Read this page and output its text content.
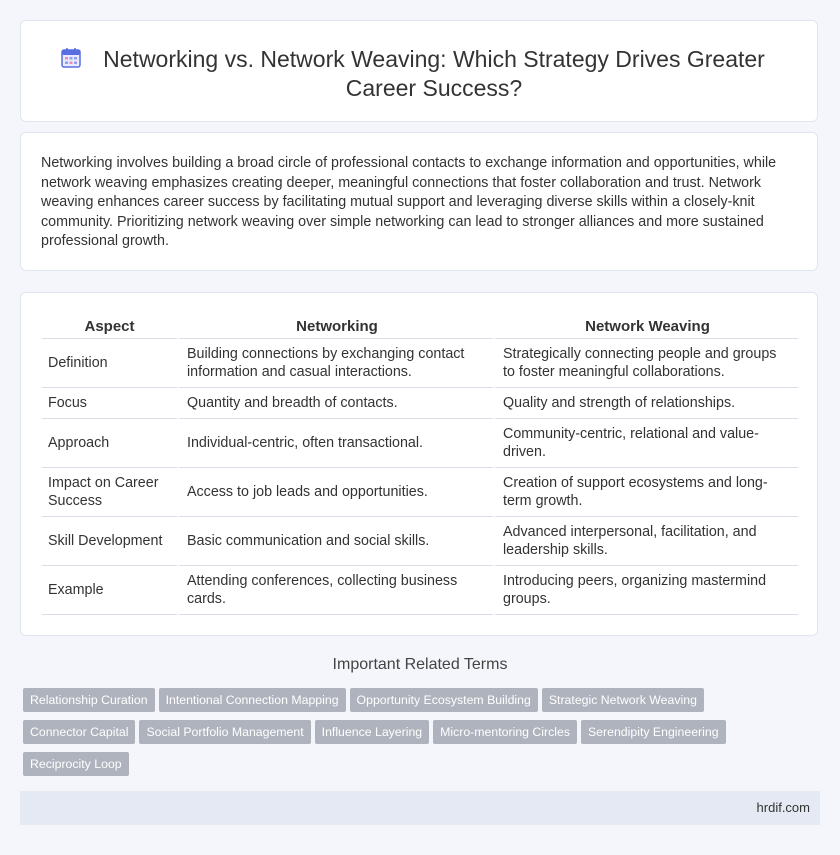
Networking vs. Network Weaving: Which Strategy Drives Greater Career Success?

Networking involves building a broad circle of professional contacts to exchange information and opportunities, while network weaving emphasizes creating deeper, meaningful connections that foster collaboration and trust. Network weaving enhances career success by facilitating mutual support and leveraging diverse skills within a closely-knit community. Prioritizing network weaving over simple networking can lead to stronger alliances and more sustained professional growth.

Aspect	Networking	Network Weaving
Definition	Building connections by exchanging contact information and casual interactions.	Strategically connecting people and groups to foster meaningful collaborations.
Focus	Quantity and breadth of contacts.	Quality and strength of relationships.
Approach	Individual-centric, often transactional.	Community-centric, relational and value-driven.
Impact on Career Success	Access to job leads and opportunities.	Creation of support ecosystems and long-term growth.
Skill Development	Basic communication and social skills.	Advanced interpersonal, facilitation, and leadership skills.
Example	Attending conferences, collecting business cards.	Introducing peers, organizing mastermind groups.
Important Related Terms
Relationship Curation Intentional Connection Mapping Opportunity Ecosystem Building Strategic Network Weaving
Connector Capital Social Portfolio Management Influence Layering Micro-mentoring Circles Serendipity Engineering
Reciprocity Loop
hrdif.com
